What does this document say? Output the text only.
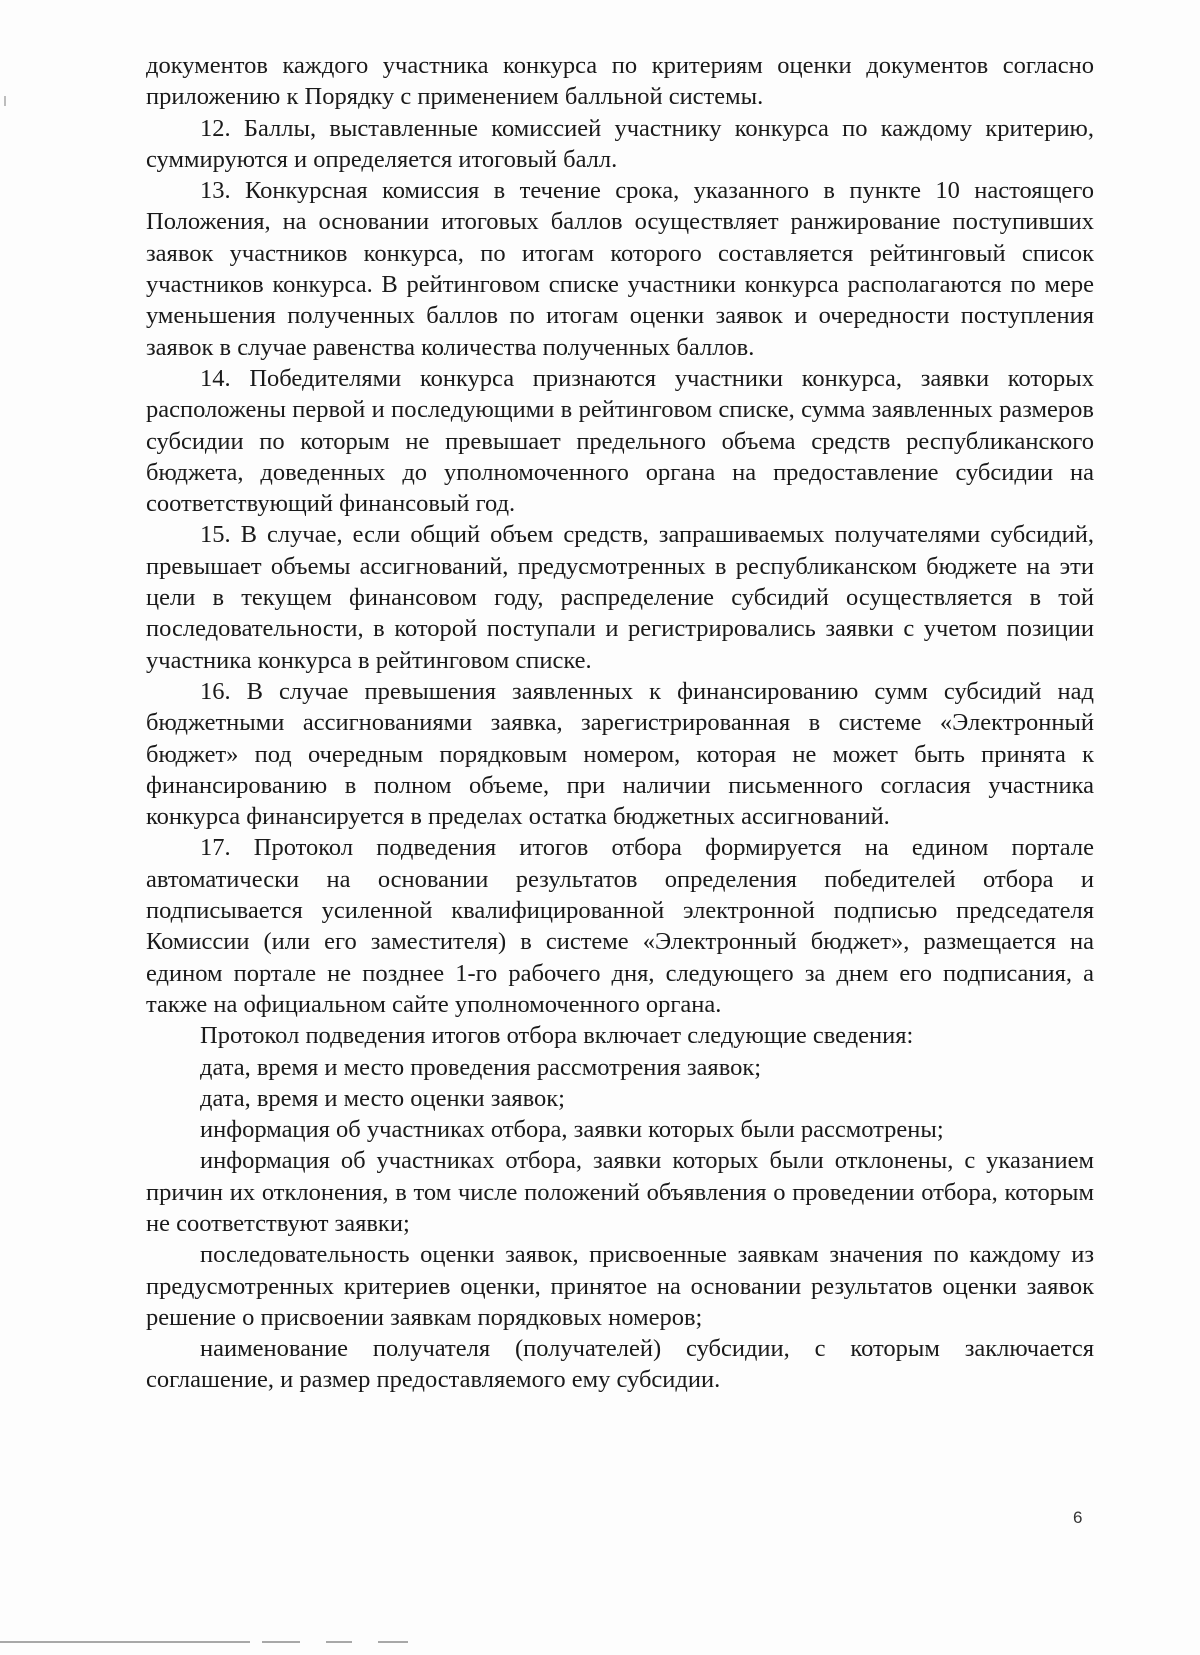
документов каждого участника конкурса по критериям оценки документов согласно приложению к Порядку с применением балльной системы.

12. Баллы, выставленные комиссией участнику конкурса по каждому критерию, суммируются и определяется итоговый балл.

13. Конкурсная комиссия в течение срока, указанного в пункте 10 настоящего Положения, на основании итоговых баллов осуществляет ранжирование поступивших заявок участников конкурса, по итогам которого составляется рейтинговый список участников конкурса. В рейтинговом списке участники конкурса располагаются по мере уменьшения полученных баллов по итогам оценки заявок и очередности поступления заявок в случае равенства количества полученных баллов.

14. Победителями конкурса признаются участники конкурса, заявки которых расположены первой и последующими в рейтинговом списке, сумма заявленных размеров субсидии по которым не превышает предельного объема средств республиканского бюджета, доведенных до уполномоченного органа на предоставление субсидии на соответствующий финансовый год.

15. В случае, если общий объем средств, запрашиваемых получателями субсидий, превышает объемы ассигнований, предусмотренных в республиканском бюджете на эти цели в текущем финансовом году, распределение субсидий осуществляется в той последовательности, в которой поступали и регистрировались заявки с учетом позиции участника конкурса в рейтинговом списке.

16. В случае превышения заявленных к финансированию сумм субсидий над бюджетными ассигнованиями заявка, зарегистрированная в системе «Электронный бюджет» под очередным порядковым номером, которая не может быть принята к финансированию в полном объеме, при наличии письменного согласия участника конкурса финансируется в пределах остатка бюджетных ассигнований.

17. Протокол подведения итогов отбора формируется на едином портале автоматически на основании результатов определения победителей отбора и подписывается усиленной квалифицированной электронной подписью председателя Комиссии (или его заместителя) в системе «Электронный бюджет», размещается на едином портале не позднее 1-го рабочего дня, следующего за днем его подписания, а также на официальном сайте уполномоченного органа.

Протокол подведения итогов отбора включает следующие сведения:

дата, время и место проведения рассмотрения заявок;

дата, время и место оценки заявок;

информация об участниках отбора, заявки которых были рассмотрены;

информация об участниках отбора, заявки которых были отклонены, с указанием причин их отклонения, в том числе положений объявления о проведении отбора, которым не соответствуют заявки;

последовательность оценки заявок, присвоенные заявкам значения по каждому из предусмотренных критериев оценки, принятое на основании результатов оценки заявок решение о присвоении заявкам порядковых номеров;

наименование получателя (получателей) субсидии, с которым заключается соглашение, и размер предоставляемого ему субсидии.

6
